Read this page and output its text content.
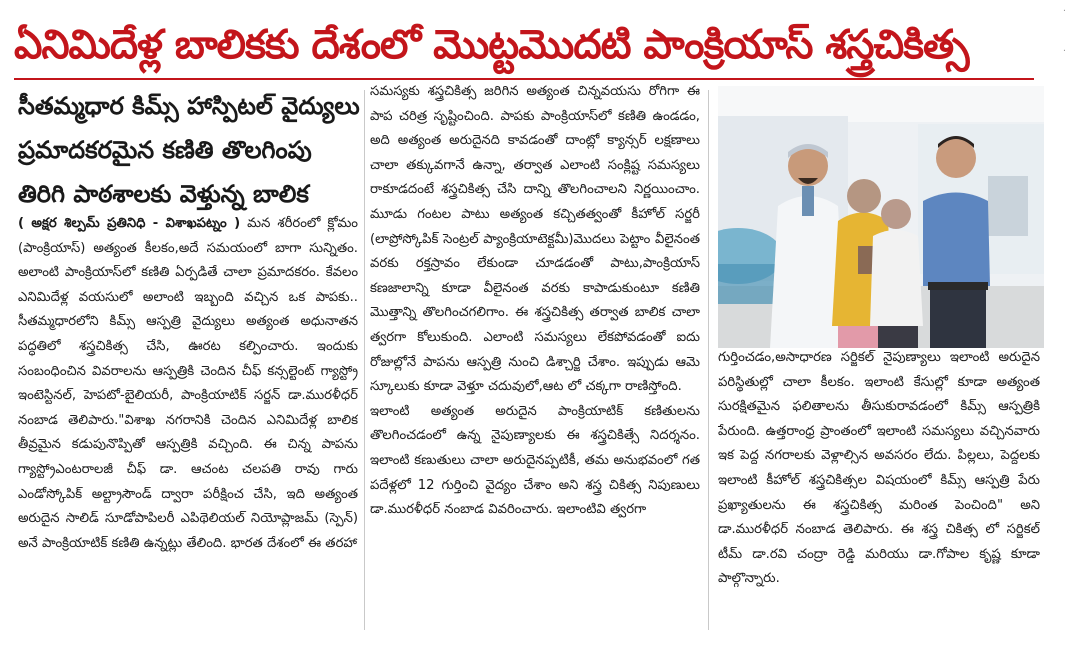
ఏనిమిదేళ్ల బాలికకు దేశంలో మొట్టమొదటి పాంక్రియాస్ శస్త్రచికిత్స
సీతమ్మధార కిమ్స్ హాస్పిటల్ వైద్యులు
ప్రమాదకరమైన కణితి తొలగింపు
తిరిగి పాఠశాలకు వెళ్తున్న బాలిక

( అక్షర శిల్పమ్ ప్రతినిధి - విశాఖపట్నం ) మన శరీరంలో క్లోమం (పాంక్రియాస్) అత్యంత కీలకం,అదే సమయంలో బాగా సున్నితం. అలాంటి పాంక్రియాస్‌లో కణితి ఏర్పడితే చాలా ప్రమాదకరం. కేవలం ఎనిమిదేళ్ల వయసులో అలాంటి ఇబ్బంది వచ్చిన ఒక పాపకు.. సీతమ్మధారలోని కిమ్స్ ఆస్పత్రి వైద్యులు అత్యంత అధునాతన పద్ధతిలో శస్త్రచికిత్స చేసి, ఊరట కల్పించారు. ఇందుకు సంబంధించిన వివరాలను ఆస్పత్రికి చెందిన చీఫ్ కన్సల్టెంట్ గ్యాస్ట్రో ఇంటెస్టినల్, హెపటో-బైలియరీ, పాంక్రియాటిక్ సర్జన్ డా.మురళీధర్ నంబాడ తెలిపారు."విశాఖ నగరానికి చెందిన ఎనిమిదేళ్ల బాలిక తీవ్రమైన కడుపునొప్పితో ఆస్పత్రికి వచ్చింది. ఈ చిన్న పాపను గ్యాస్ట్రోఎంటరాలజీ చీఫ్ డా. ఆచంట చలపతి రావు గారు ఎండోస్కోపిక్ అల్ట్రాసౌండ్ ద్వారా పరీక్షించ చేసి, ఇది అత్యంత అరుదైన సాలిడ్ సూడోపాపిలరీ ఎపిథెలియల్ నియోప్లాజమ్ (స్పెన్) అనే పాంక్రియాటిక్ కణితి ఉన్నట్లు తేలింది. భారత దేశంలో ఈ తరహా

సమస్యకు శస్త్రచికిత్స జరిగిన అత్యంత చిన్నవయసు రోగిగా ఈ పాప చరిత్ర సృష్టించింది. పాపకు పాంక్రియాస్‌లో కణితి ఉండడం, అది అత్యంత అరుదైనది కావడంతో దాంట్లో క్యాన్సర్ లక్షణాలు చాలా తక్కువగానే ఉన్నా, తర్వాత ఎలాంటి సంక్లిష్ట సమస్యలు రాకూడదంటే శస్త్రచికిత్స చేసి దాన్ని తొలగించాలని నిర్ణయించాం. మూడు గంటల పాటు అత్యంత కచ్చితత్వంతో కీహోల్ సర్జరీ (లాప్రోస్కోపిక్ సెంట్రల్ ప్యాంక్రియాటెక్టమీ)మొదలు పెట్టాం వీలైనంత వరకు రక్తస్రావం లేకుండా చూడడంతో పాటు,పాంక్రియాస్ కణజాలాన్ని కూడా వీలైనంత వరకు కాపాడుకుంటూ కణితి మొత్తాన్ని తొలగించగలిగాం. ఈ శస్త్రచికిత్స తర్వాత బాలిక చాలా త్వరగా కోలుకుంది. ఎలాంటి సమస్యలు లేకపోవడంతో ఐదు రోజుల్లోనే పాపను ఆస్పత్రి నుంచి డిశ్చార్జి చేశాం. ఇప్పుడు ఆమె స్కూలుకు కూడా వెళ్తూ చదువులో,ఆట లో చక్కగా రాణిస్తోంది.

ఇలాంటి అత్యంత అరుదైన పాంక్రియాటిక్ కణితులను తొలగించడంలో ఉన్న నైపుణ్యాలకు ఈ శస్త్రచికిత్సే నిదర్శనం. ఇలాంటి కణుతులు చాలా అరుదైనప్పటికీ, తమ అనుభవంలో గత పదేళ్లలో 12 గుర్తించి వైద్యం చేశాం అని శస్త్ర చికిత్స నిపుణులు డా.మురళీధర్ నంబాడ వివరించారు. ఇలాంటివి త్వరగా

గుర్తించడం,అసాధారణ సర్జికల్ నైపుణ్యాలు ఇలాంటి అరుదైన పరిస్థితుల్లో చాలా కీలకం. ఇలాంటి కేసుల్లో కూడా అత్యంత సురక్షితమైన ఫలితాలను తీసుకురావడంలో కిమ్స్ ఆస్పత్రికి పేరుంది. ఉత్తరాంధ్ర ప్రాంతంలో ఇలాంటి సమస్యలు వచ్చినవారు ఇక పెద్ద నగరాలకు వెళ్లాల్సిన అవసరం లేదు. పిల్లలు, పెద్దలకు ఇలాంటి కీహోల్ శస్త్రచికిత్సల విషయంలో కిమ్స్ ఆస్పత్రి పేరు ప్రఖ్యాతులను ఈ శస్త్రచికిత్స మరింత పెంచింది" అని డా.మురళీధర్ నంబాడ తెలిపారు. ఈ శస్త్ర చికిత్స లో సర్జికల్ టీమ్ డా.రవి చంద్రా రెడ్డి మరియు డా.గోపాల కృష్ణ కూడా పాల్గొన్నారు.

·
·
